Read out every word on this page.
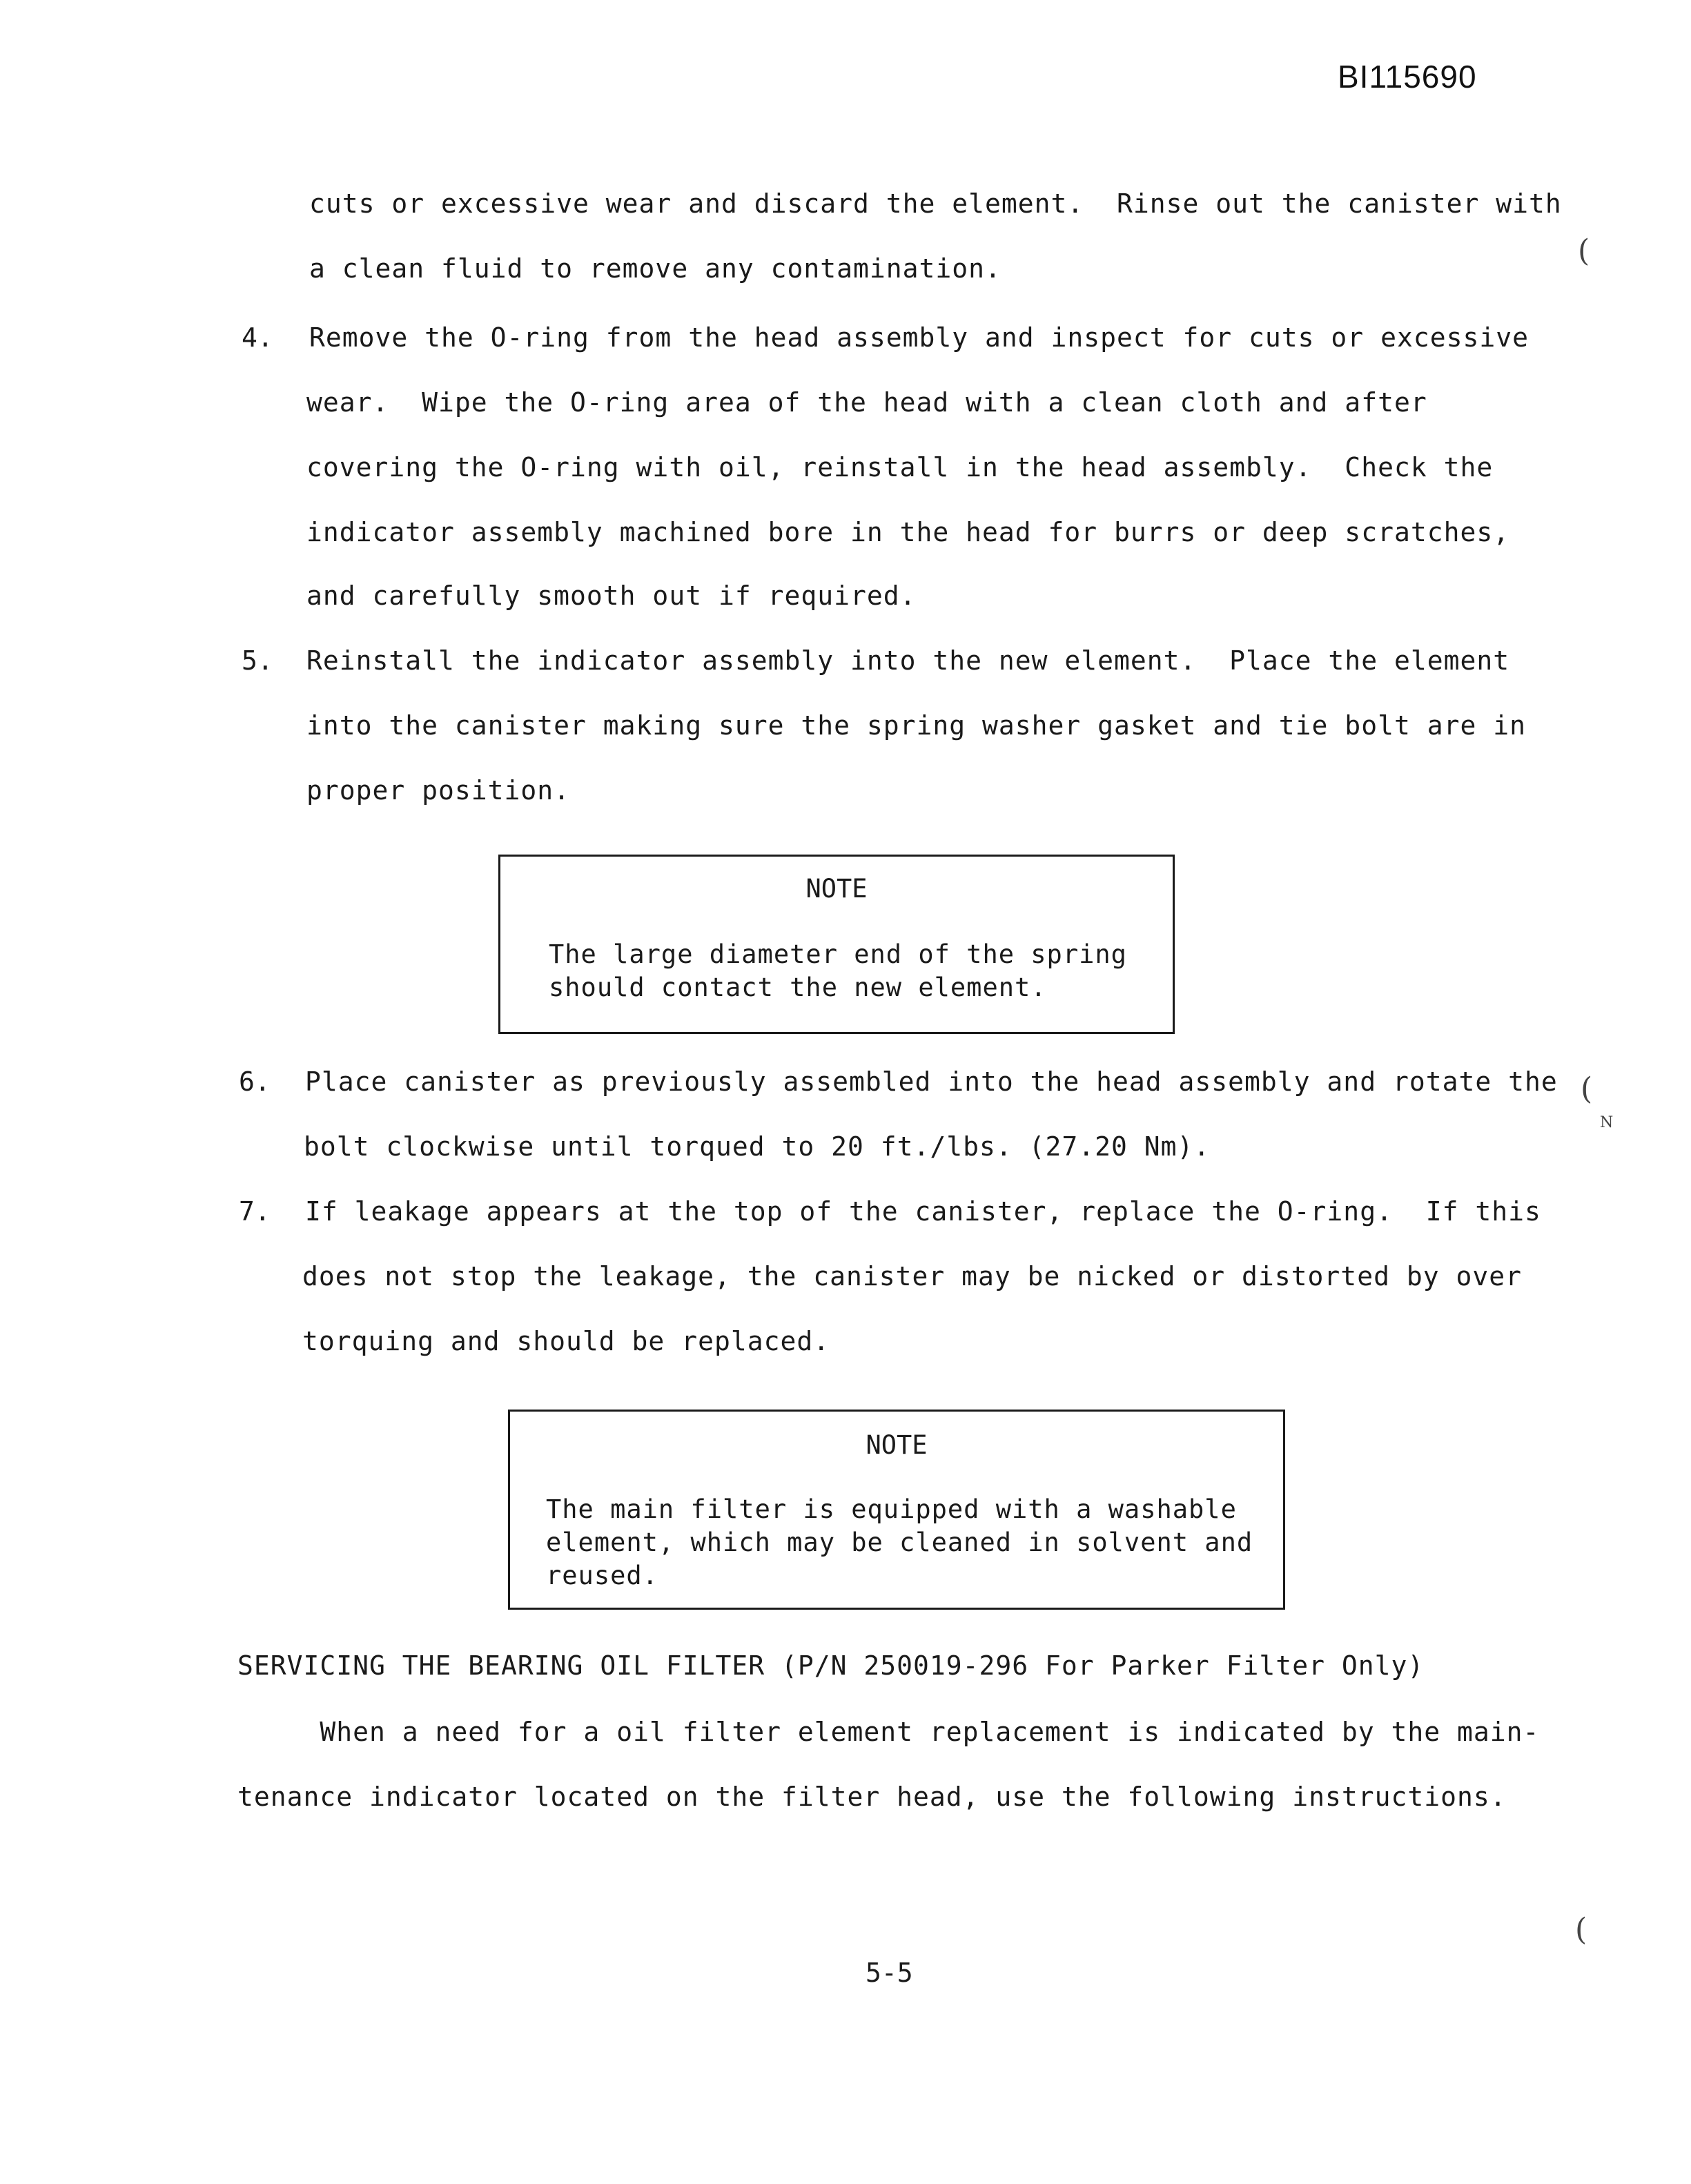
BI115690
cuts or excessive wear and discard the element.  Rinse out the canister with
a clean fluid to remove any contamination.
4. Remove the O-ring from the head assembly and inspect for cuts or excessive
wear.  Wipe the O-ring area of the head with a clean cloth and after
covering the O-ring with oil, reinstall in the head assembly.  Check the
indicator assembly machined bore in the head for burrs or deep scratches,
and carefully smooth out if required.
5. Reinstall the indicator assembly into the new element.  Place the element
into the canister making sure the spring washer gasket and tie bolt are in
proper position.
NOTE
The large diameter end of the spring
should contact the new element.
6. Place canister as previously assembled into the head assembly and rotate the
bolt clockwise until torqued to 20 ft./lbs. (27.20 Nm).
7. If leakage appears at the top of the canister, replace the O-ring.  If this
does not stop the leakage, the canister may be nicked or distorted by over
torquing and should be replaced.
NOTE
The main filter is equipped with a washable
element, which may be cleaned in solvent and
reused.
SERVICING THE BEARING OIL FILTER (P/N 250019-296 For Parker Filter Only)
When a need for a oil filter element replacement is indicated by the main-
tenance indicator located on the filter head, use the following instructions.
5-5
(
(
N
(
